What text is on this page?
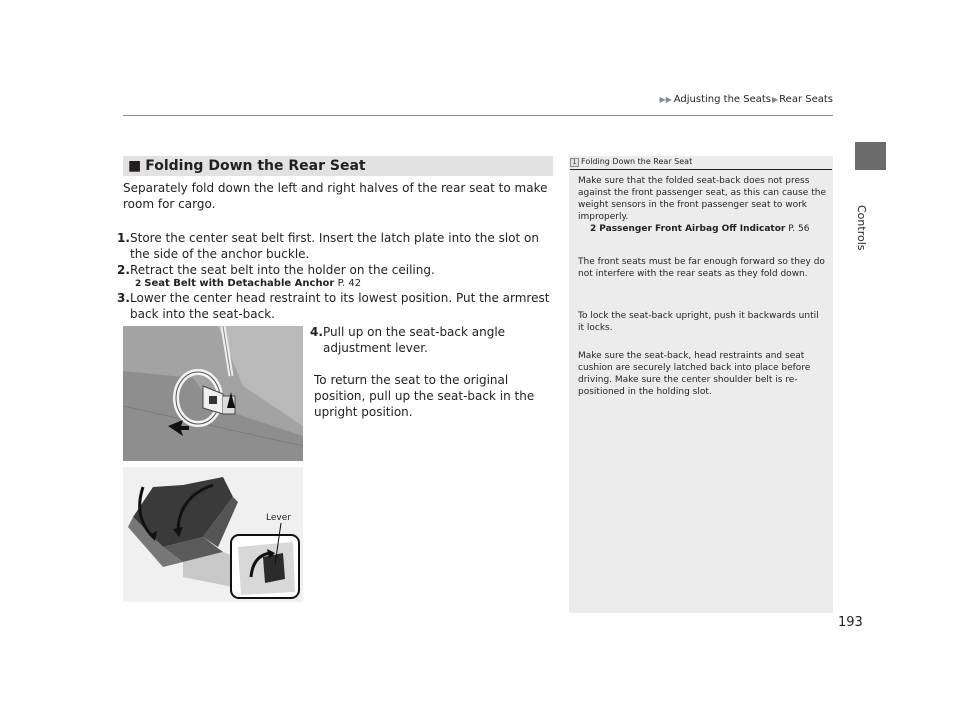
▶▶ Adjusting the Seats▶Rear Seats
Controls
193
■ Folding Down the Rear Seat
Separately fold down the left and right halves of the rear seat to make room for cargo.
1. Store the center seat belt first. Insert the latch plate into the slot on the side of the anchor buckle.
2. Retract the seat belt into the holder on the ceiling.
2 Seat Belt with Detachable Anchor P. 42
3. Lower the center head restraint to its lowest position. Put the armrest back into the seat-back.
4. Pull up on the seat-back angle adjustment lever.
To return the seat to the original position, pull up the seat-back in the upright position.
Lever
1 Folding Down the Rear Seat
Make sure that the folded seat-back does not press against the front passenger seat, as this can cause the weight sensors in the front passenger seat to work improperly.
2 Passenger Front Airbag Off Indicator P. 56
The front seats must be far enough forward so they do not interfere with the rear seats as they fold down.
To lock the seat-back upright, push it backwards until it locks.
Make sure the seat-back, head restraints and seat cushion are securely latched back into place before driving. Make sure the center shoulder belt is re-positioned in the holding slot.
